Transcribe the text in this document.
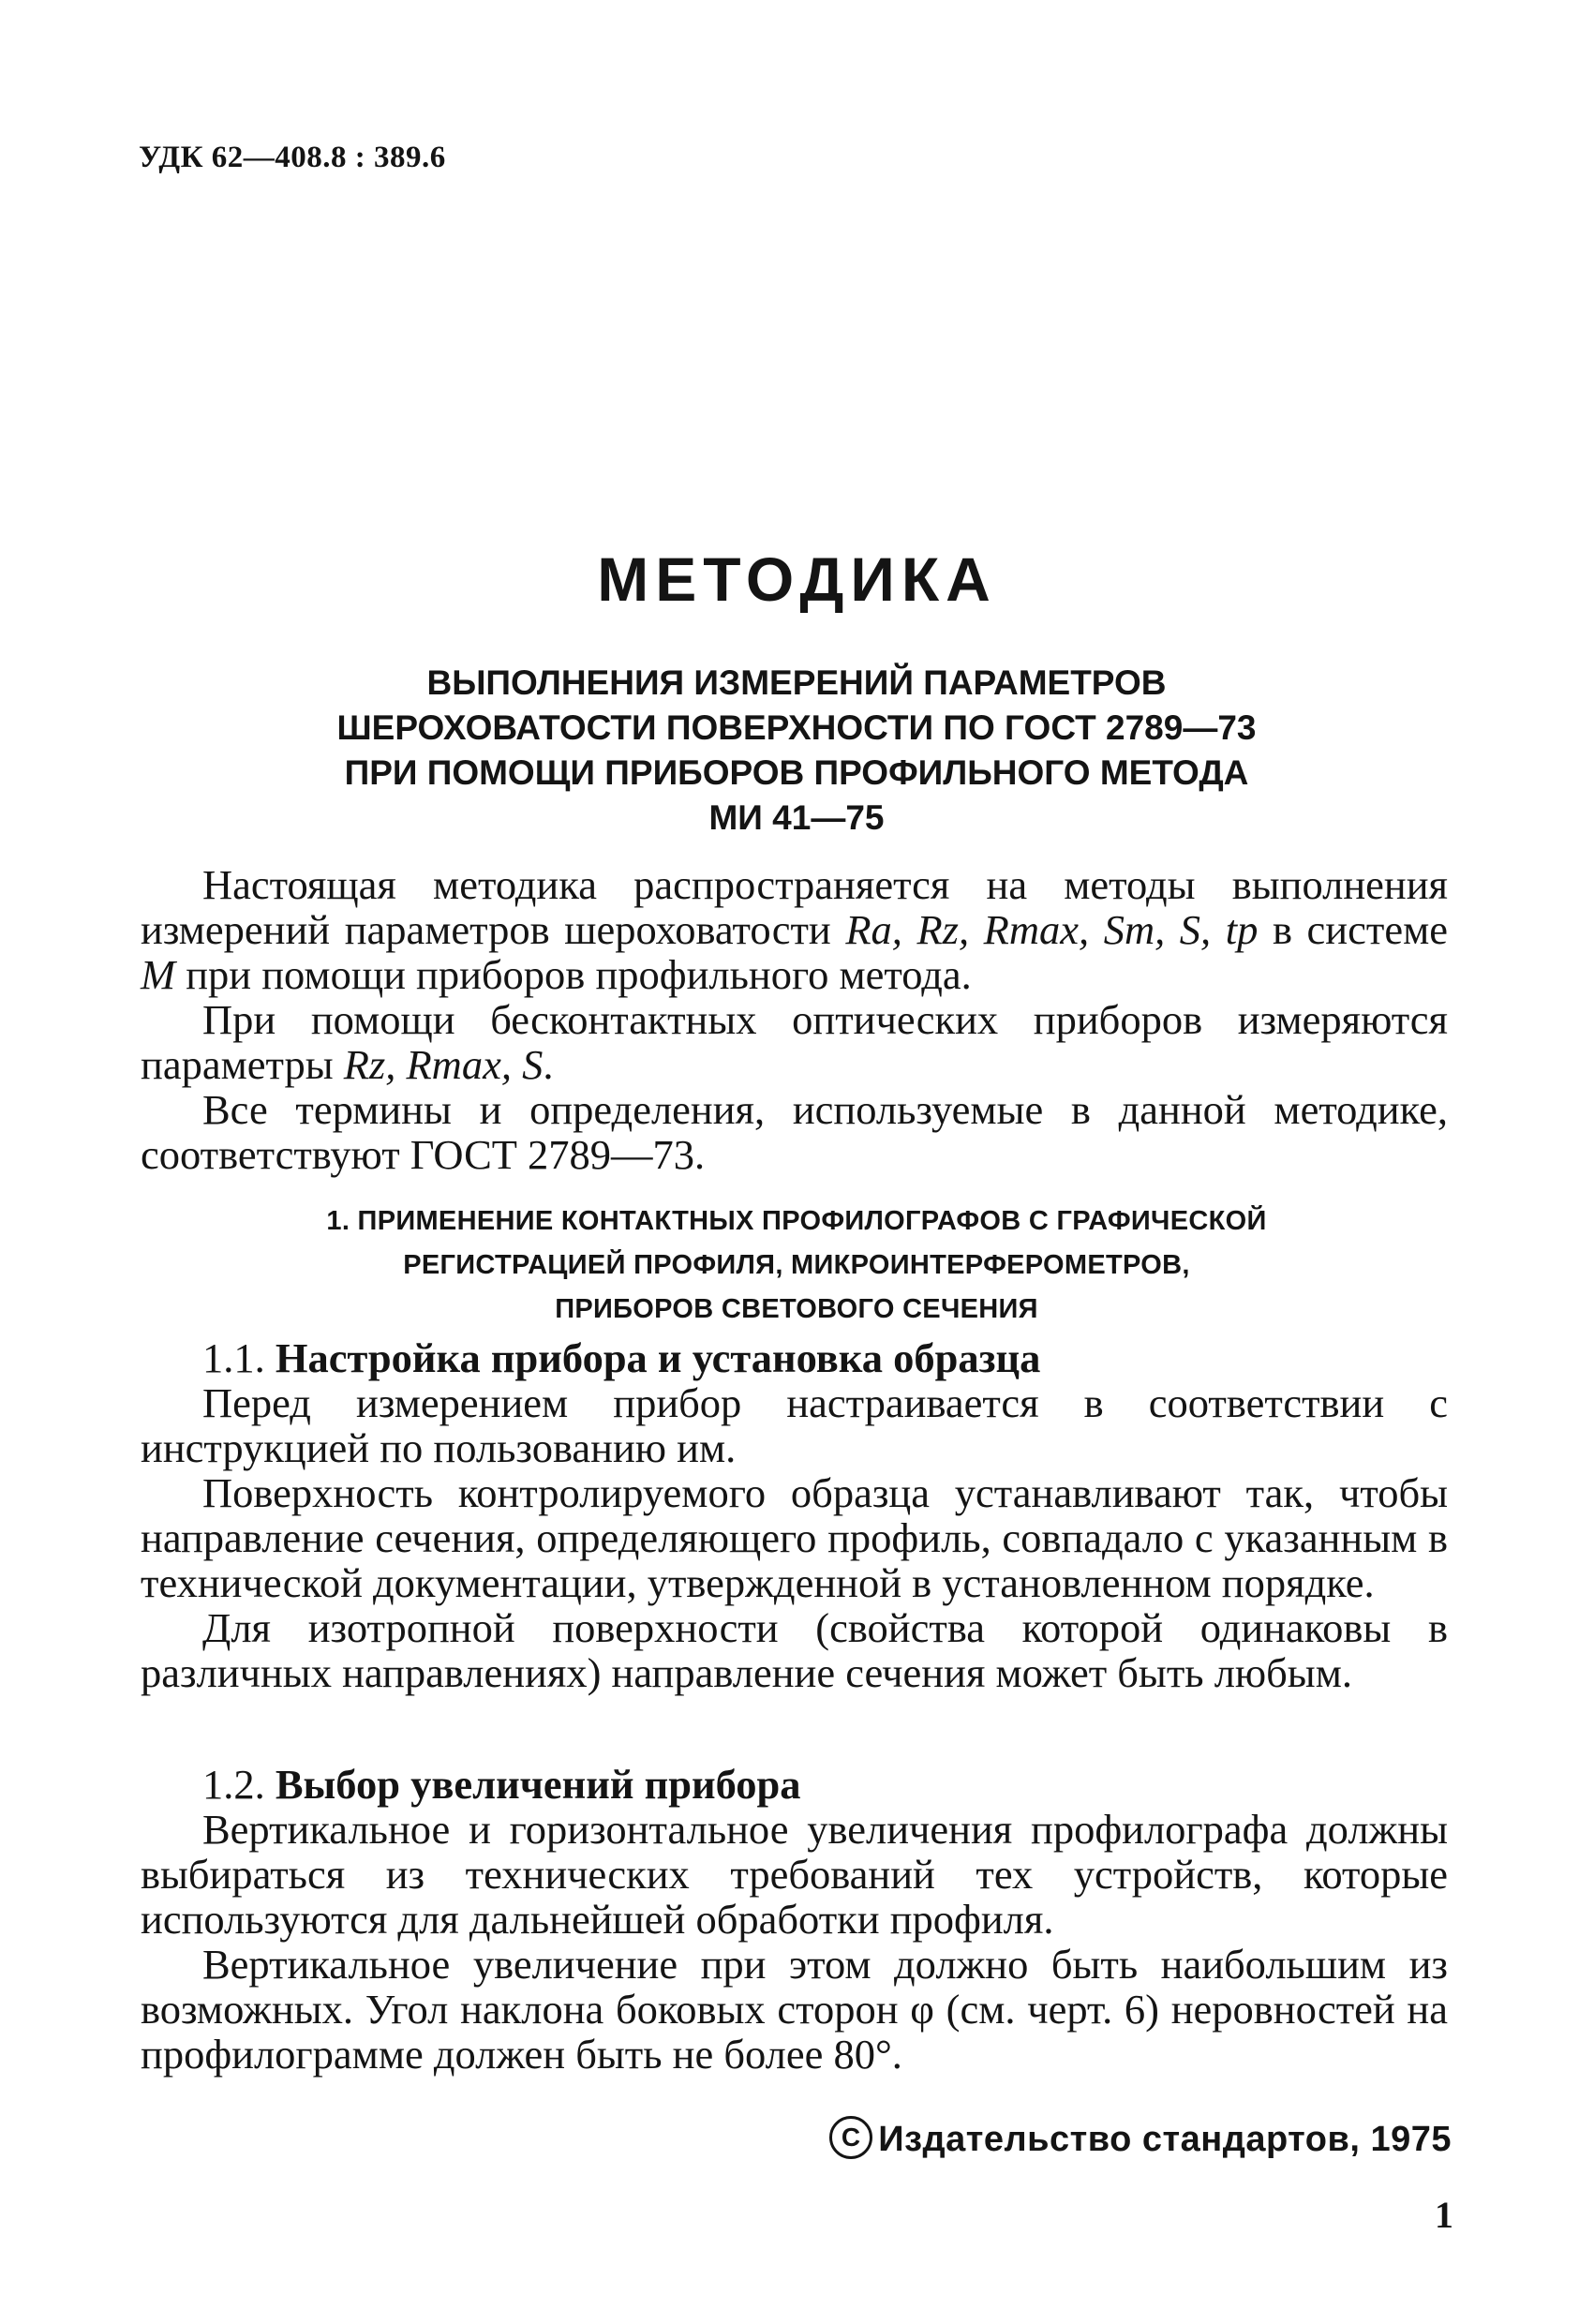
УДК 62—408.8 : 389.6
МЕТОДИКА
ВЫПОЛНЕНИЯ ИЗМЕРЕНИЙ ПАРАМЕТРОВ
ШЕРОХОВАТОСТИ ПОВЕРХНОСТИ ПО ГОСТ 2789—73
ПРИ ПОМОЩИ ПРИБОРОВ ПРОФИЛЬНОГО МЕТОДА
МИ 41—75

Настоящая методика распространяется на методы выполнения измерений параметров шероховатости Ra, Rz, Rmax, Sm, S, tp в системе M при помощи приборов профильного метода.

При помощи бесконтактных оптических приборов измеряются параметры Rz, Rmax, S.

Все термины и определения, используемые в данной методике, соответствуют ГОСТ 2789—73.

1. ПРИМЕНЕНИЕ КОНТАКТНЫХ ПРОФИЛОГРАФОВ С ГРАФИЧЕСКОЙ
РЕГИСТРАЦИЕЙ ПРОФИЛЯ, МИКРОИНТЕРФЕРОМЕТРОВ,
ПРИБОРОВ СВЕТОВОГО СЕЧЕНИЯ

1.1. Настройка прибора и установка образца

Перед измерением прибор настраивается в соответствии с инструкцией по пользованию им.

Поверхность контролируемого образца устанавливают так, чтобы направление сечения, определяющего профиль, совпадало с указанным в технической документации, утвержденной в установленном порядке.

Для изотропной поверхности (свойства которой одинаковы в различных направлениях) направление сечения может быть любым.

1.2. Выбор увеличений прибора

Вертикальное и горизонтальное увеличения профилографа должны выбираться из технических требований тех устройств, которые используются для дальнейшей обработки профиля.

Вертикальное увеличение при этом должно быть наибольшим из возможных. Угол наклона боковых сторон φ (см. черт. 6) неровностей на профилограмме должен быть не более 80°.

C Издательство стандартов, 1975
1
